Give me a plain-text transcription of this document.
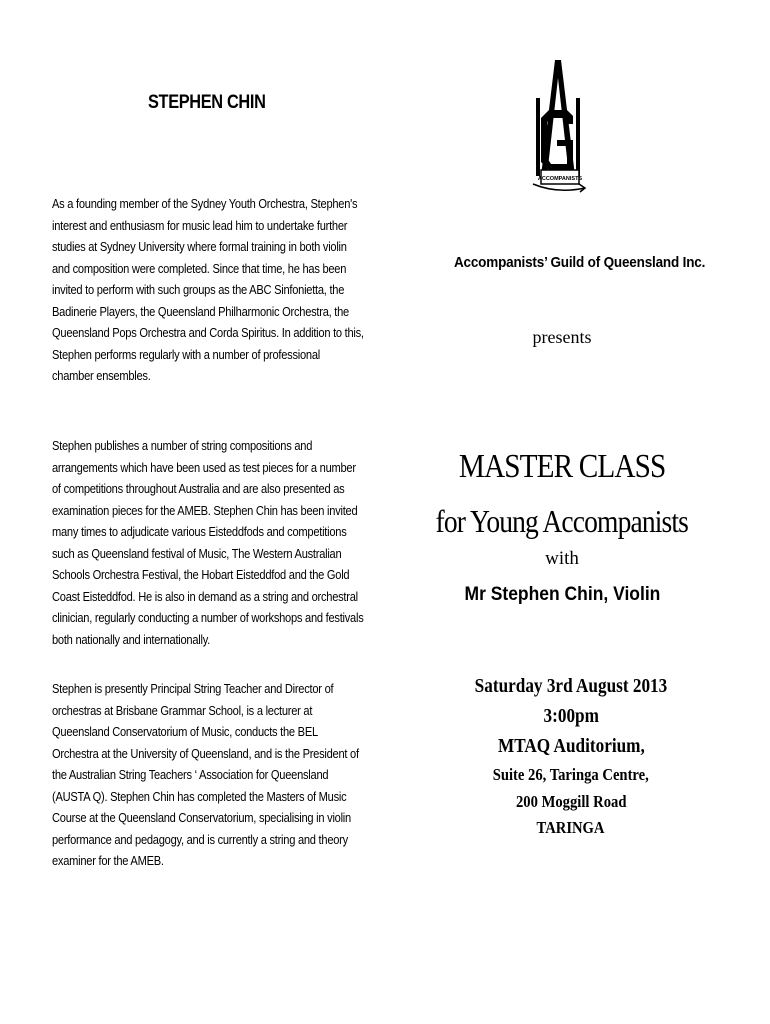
STEPHEN CHIN

As a founding member of the Sydney Youth Orchestra, Stephen's interest and enthusiasm for music lead him to undertake further studies at Sydney University where formal training in both violin and composition were completed. Since that time, he has been invited to perform with such groups as the ABC Sinfonietta, the Badinerie Players, the Queensland Philharmonic Orchestra, the Queensland Pops Orchestra and Corda Spiritus. In addition to this, Stephen performs regularly with a number of professional chamber ensembles.

Stephen publishes a number of string compositions and arrangements which have been used as test pieces for a number of competitions throughout Australia and are also presented as examination pieces for the AMEB. Stephen Chin has been invited many times to adjudicate various Eisteddfods and competitions such as Queensland festival of Music, The Western Australian Schools Orchestra Festival, the Hobart Eisteddfod and the Gold Coast Eisteddfod. He is also in demand as a string and orchestral clinician, regularly conducting a number of workshops and festivals both nationally and internationally.

Stephen is presently Principal String Teacher and Director of orchestras at Brisbane Grammar School, is a lecturer at Queensland Conservatorium of Music, conducts the BEL Orchestra at the University of Queensland, and is the President of the Australian String Teachers ‘ Association for Queensland (AUSTA Q). Stephen Chin has completed the Masters of Music Course at the Queensland Conservatorium, specialising in violin performance and pedagogy, and is currently a string and theory examiner for the AMEB.

ACCOMPANISTS
Accompanists’ Guild of Queensland Inc.
presents
MASTER CLASS
for Young Accompanists
with
Mr Stephen Chin, Violin
Saturday 3rd August 2013
3:00pm
MTAQ Auditorium,
Suite 26, Taringa Centre,
200 Moggill Road
TARINGA
